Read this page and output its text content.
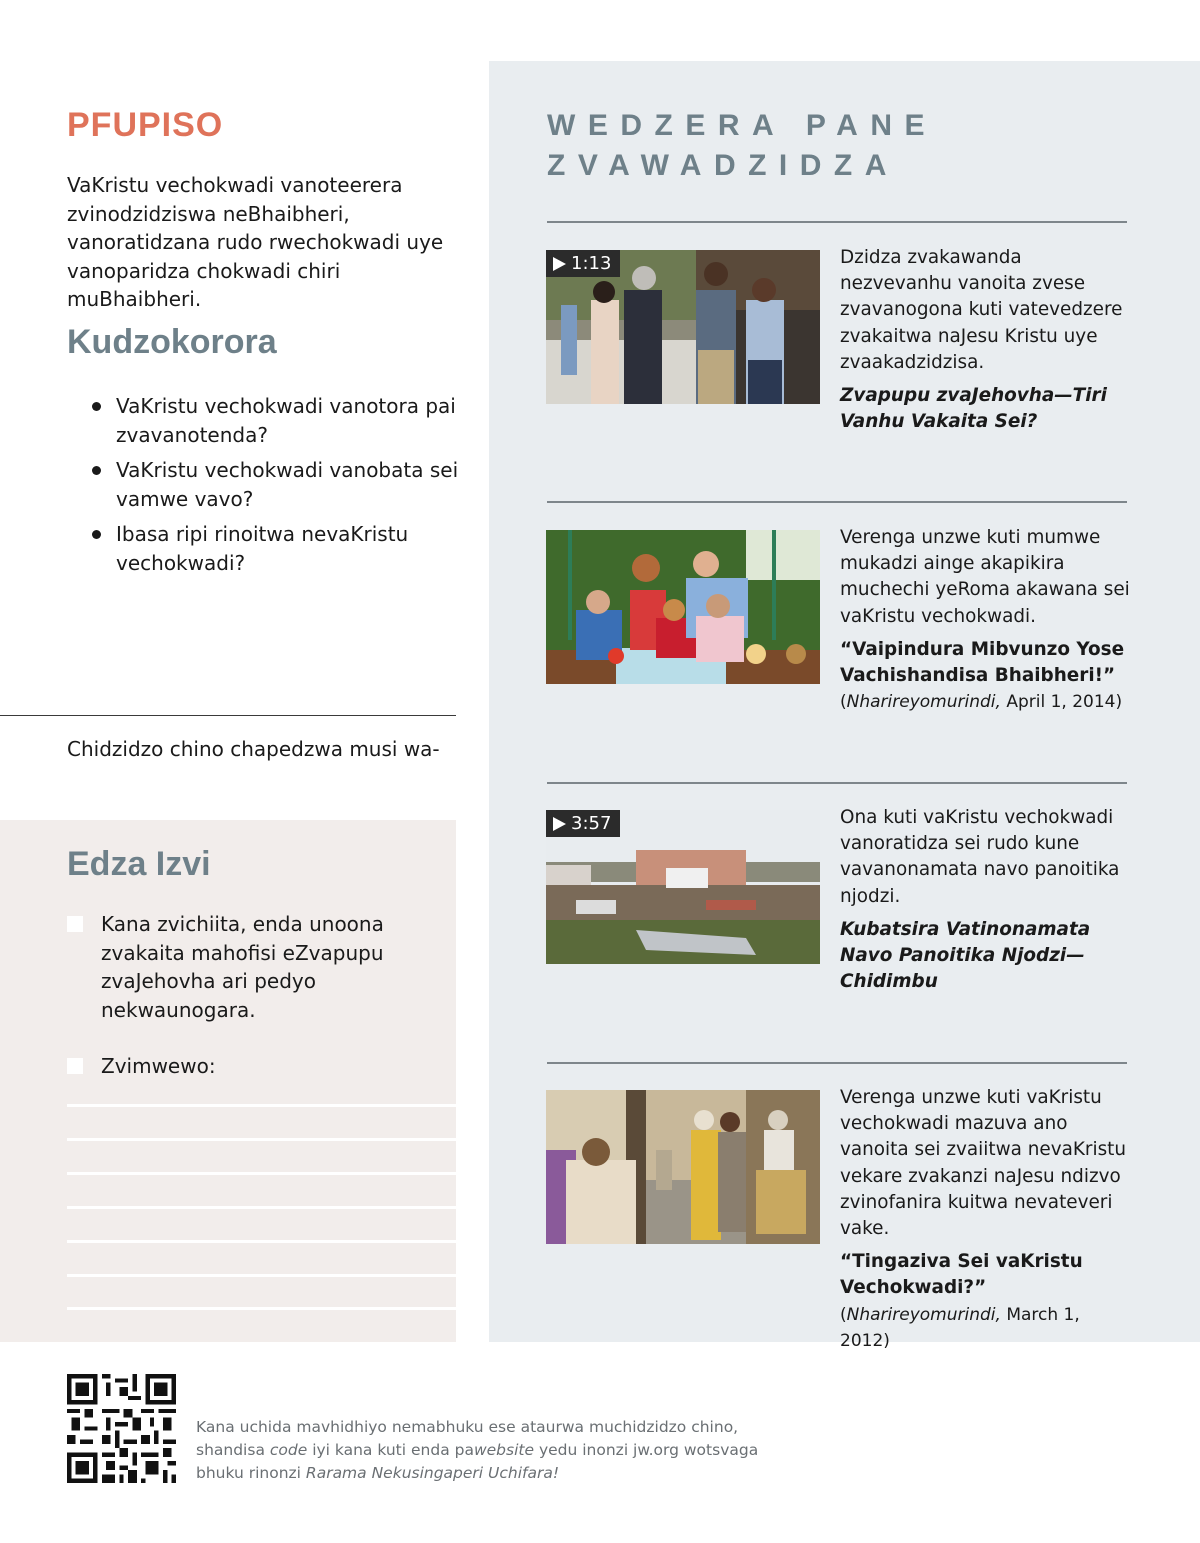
PFUPISO

VaKristu vechokwadi vanoteerera zvinodzidziswa neBhaibheri, vanoratidzana rudo rwechokwadi uye vanoparidza chokwadi chiri muBhaibheri.

Kudzokorora
VaKristu vechokwadi vanotora pai zvavanotenda?
VaKristu vechokwadi vanobata sei vamwe vavo?
Ibasa ripi rinoitwa nevaKristu vechokwadi?

Chidzidzo chino chapedzwa musi wa-

Edza Izvi
Kana zvichiita, enda unoona zvakaita mahofisi eZvapupu zvaJehovha ari pedyo nekwaunogara.
Zvimwewo:
WEDZERA PANE ZVAWADZIDZA
1:13	Dzidza zvakawanda nezvevanhu vanoita zvese zvavanogona kuti vatevedzere zvakaitwa naJesu Kristu uye zvaakadzidzisa.
Zvapupu zvaJehovha—Tiri Vanhu Vakaita Sei?
Verenga unzwe kuti mumwe mukadzi ainge akapikira muchechi yeRoma akawana sei vaKristu vechokwadi.
“Vaipindura Mibvunzo Yose Vachishandisa Bhaibheri!”
(Nharireyomurindi, April 1, 2014)
3:57	Ona kuti vaKristu vechokwadi vanoratidza sei rudo kune vavanonamata navo panoitika njodzi.
Kubatsira Vatinonamata Navo Panoitika Njodzi—Chidimbu
Verenga unzwe kuti vaKristu vechokwadi mazuva ano vanoita sei zvaiitwa nevaKristu vekare zvakanzi naJesu ndizvo zvinofanira kuitwa nevateveri vake.
“Tingaziva Sei vaKristu Vechokwadi?” (Nharireyomurindi, March 1, 2012)

Kana uchida mavhidhiyo nemabhuku ese ataurwa muchidzidzo chino, shandisa code iyi kana kuti enda pawebsite yedu inonzi jw.org wotsvaga bhuku rinonzi Rarama Nekusingaperi Uchifara!
